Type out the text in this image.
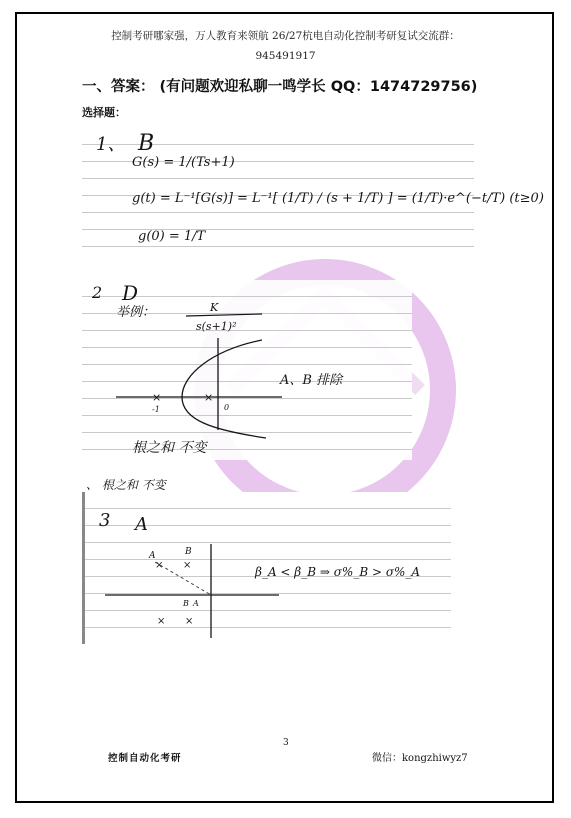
控制考研哪家强，万人教育来领航 26/27杭电自动化控制考研复试交流群：
945491917
一、答案： (有问题欢迎私聊一鸣学长 QQ：1474729756)
选择题：
1、 B
G(s) = 1/(Ts+1)
g(t) = L⁻¹[G(s)] = L⁻¹[ (1/T) / (s + 1/T) ] = (1/T)·e^(−t/T) (t≥0)
g(0) = 1/T
2 D
举例：	K
s(s+1)²
×	×
-1	0
A、B 排除
根之和 不变
、 根之和 不变
3 A
A	B
× ×
B A
× ×
β_A < β_B ⇒ σ%_B > σ%_A
3
控制自动化考研	微信：kongzhiwyz7
